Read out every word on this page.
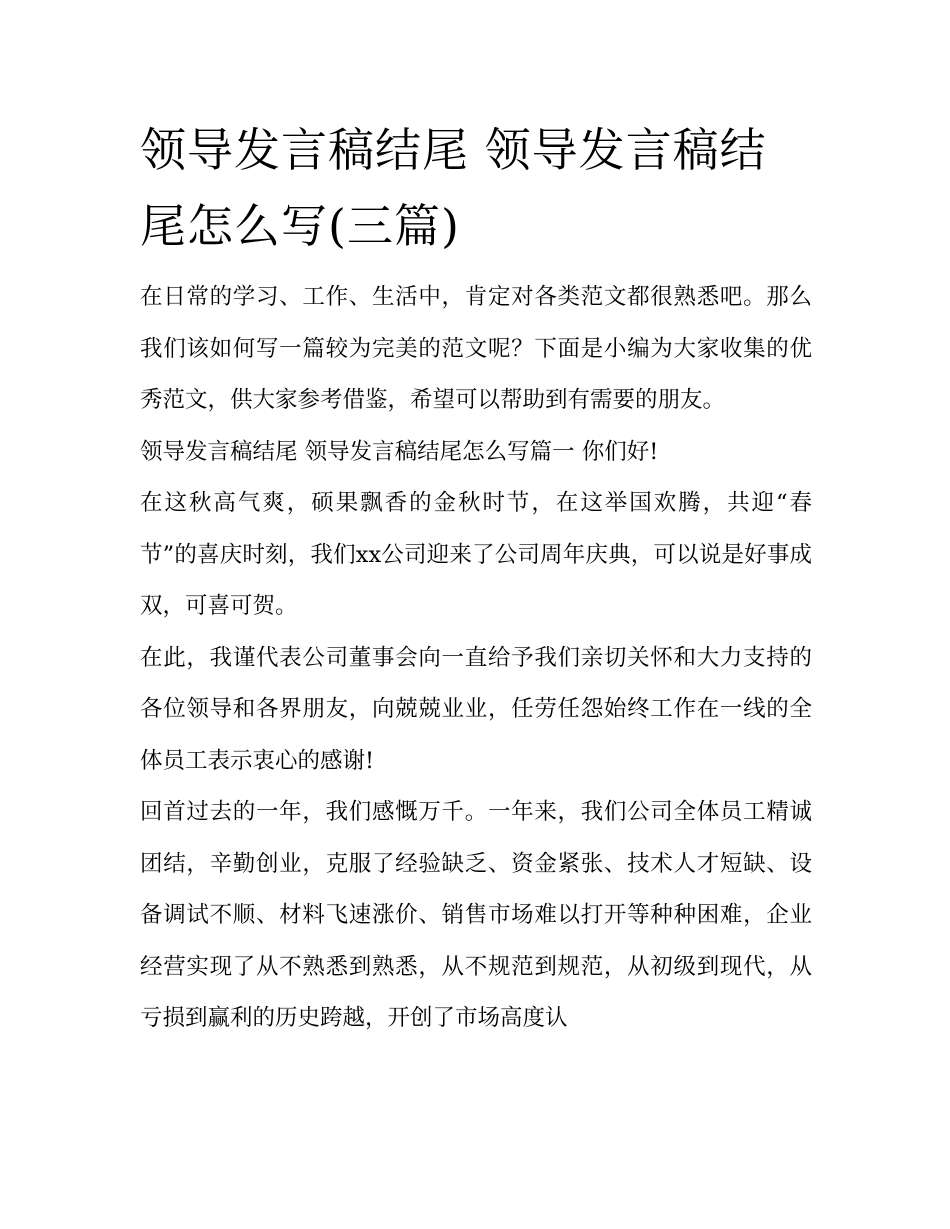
领导发言稿结尾 领导发言稿结尾怎么写(三篇)

在日常的学习、工作、生活中，肯定对各类范文都很熟悉吧。那么我们该如何写一篇较为完美的范文呢？下面是小编为大家收集的优秀范文，供大家参考借鉴，希望可以帮助到有需要的朋友。

领导发言稿结尾 领导发言稿结尾怎么写篇一 你们好!

在这秋高气爽，硕果飘香的金秋时节，在这举国欢腾，共迎“春节”的喜庆时刻，我们xx公司迎来了公司周年庆典，可以说是好事成双，可喜可贺。

在此，我谨代表公司董事会向一直给予我们亲切关怀和大力支持的各位领导和各界朋友，向兢兢业业，任劳任怨始终工作在一线的全体员工表示衷心的感谢!

回首过去的一年，我们感慨万千。一年来，我们公司全体员工精诚团结，辛勤创业，克服了经验缺乏、资金紧张、技术人才短缺、设备调试不顺、材料飞速涨价、销售市场难以打开等种种困难，企业经营实现了从不熟悉到熟悉，从不规范到规范，从初级到现代，从亏损到赢利的历史跨越，开创了市场高度认
